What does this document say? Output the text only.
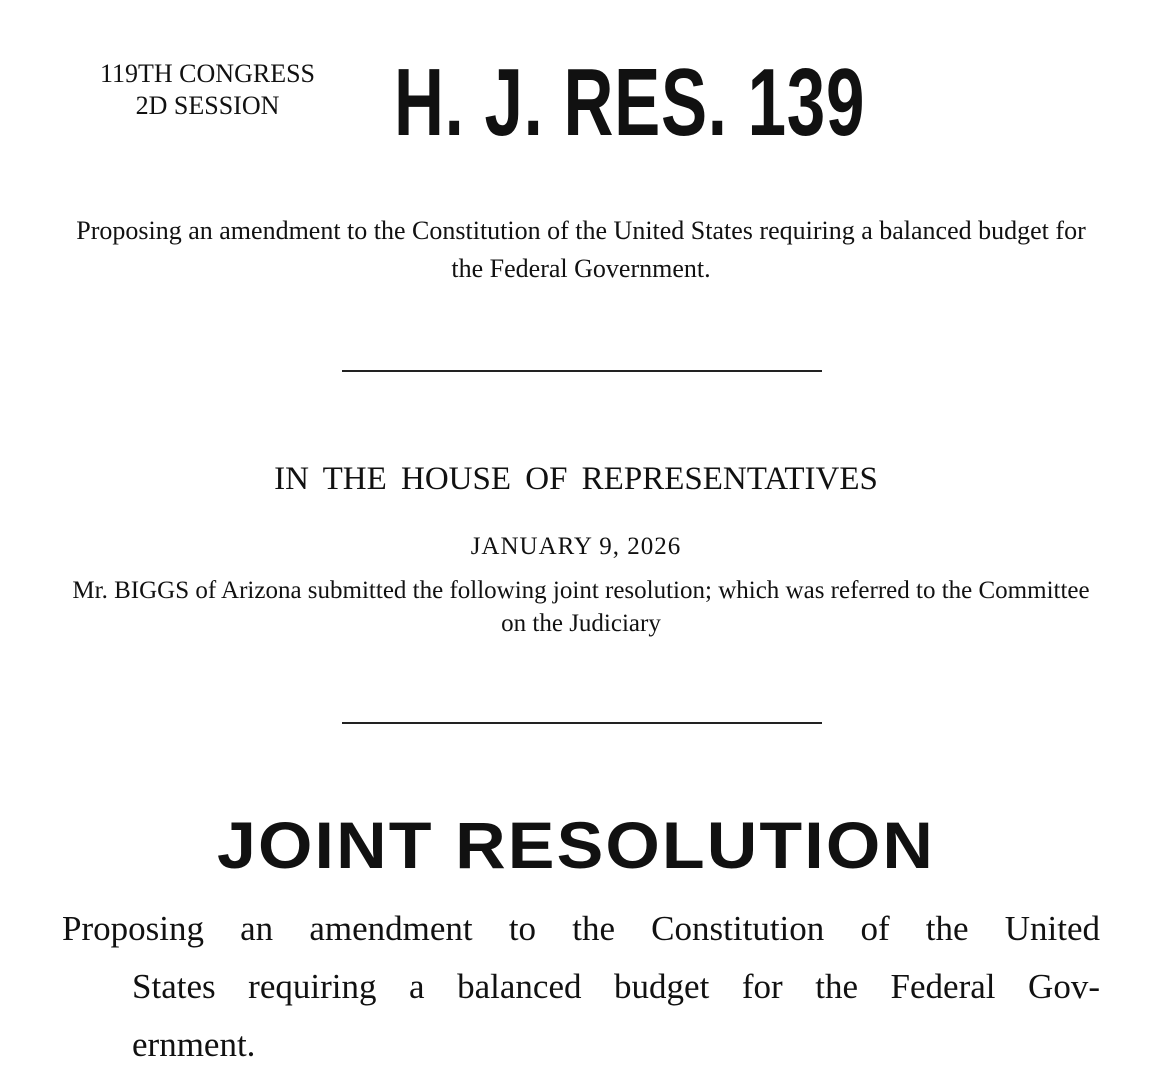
119TH CONGRESS
2D SESSION	H. J. RES. 139
Proposing an amendment to the Constitution of the United States requiring a balanced budget for the Federal Government.
IN THE HOUSE OF REPRESENTATIVES
JANUARY 9, 2026
Mr. BIGGS of Arizona submitted the following joint resolution; which was referred to the Committee on the Judiciary
JOINT RESOLUTION
Proposing an amendment to the Constitution of the United
States requiring a balanced budget for the Federal Gov-
ernment.
